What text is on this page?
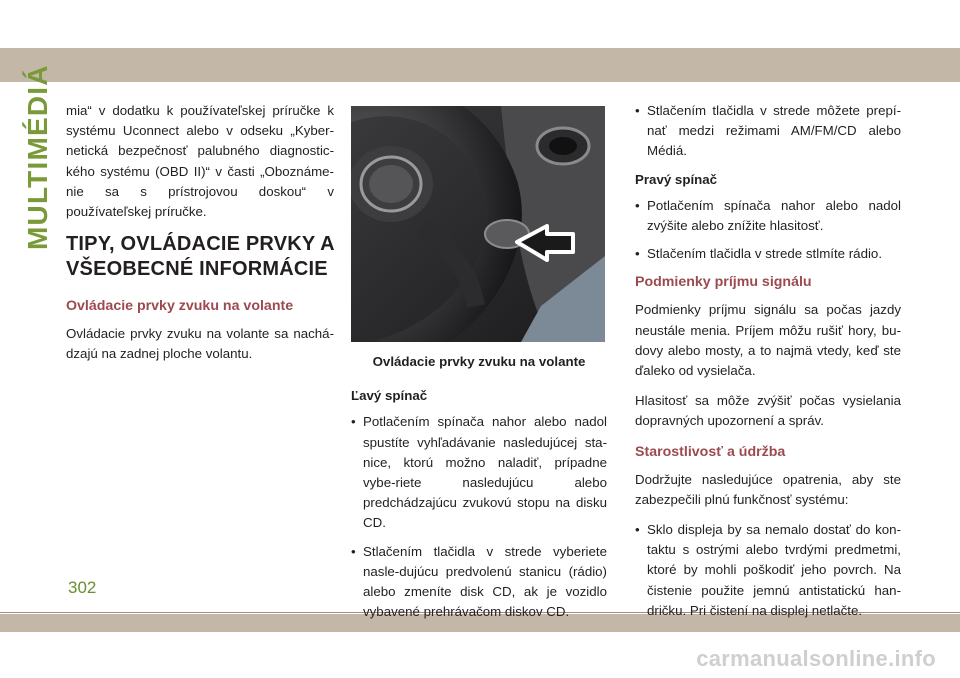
MULTIMÉDIÁ mia“ v dodatku k používateľskej príručke k systému Uconnect alebo v odseku „Kyber-netická bezpečnosť palubného diagnostic-kého systému (OBD II)“ v časti „Oboznáme-nie sa s prístrojovou doskou“ v používateľskej príručke.

TIPY, OVLÁDACIE PRVKY A VŠEOBECNÉ INFORMÁCIE
Ovládacie prvky zvuku na volante

Ovládacie prvky zvuku na volante sa nachá-dzajú na zadnej ploche volantu.

Ovládacie prvky zvuku na volante
Ľavý spínač
• Potlačením spínača nahor alebo nadol spustíte vyhľadávanie nasledujúcej sta-nice, ktorú možno naladiť, prípadne vybe-riete nasledujúcu alebo predchádzajúcu zvukovú stopu na disku CD.
• Stlačením tlačidla v strede vyberiete nasle-dujúcu predvolenú stanicu (rádio) alebo zmeníte disk CD, ak je vozidlo vybavené prehrávačom diskov CD.
• Stlačením tlačidla v strede môžete prepí-nať medzi režimami AM/FM/CD alebo Médiá.
Pravý spínač
• Potlačením spínača nahor alebo nadol zvýšite alebo znížite hlasitosť.
• Stlačením tlačidla v strede stlmíte rádio.
Podmienky príjmu signálu

Podmienky príjmu signálu sa počas jazdy neustále menia. Príjem môžu rušiť hory, bu-dovy alebo mosty, a to najmä vtedy, keď ste ďaleko od vysielača.

Hlasitosť sa môže zvýšiť počas vysielania dopravných upozornení a správ.

Starostlivosť a údržba

Dodržujte nasledujúce opatrenia, aby ste zabezpečili plnú funkčnosť systému:

• Sklo displeja by sa nemalo dostať do kon-taktu s ostrými alebo tvrdými predmetmi, ktoré by mohli poškodiť jeho povrch. Na čistenie použite jemnú antistatickú han-dričku. Pri čistení na displej netlačte.
302
carmanualsonline.info
